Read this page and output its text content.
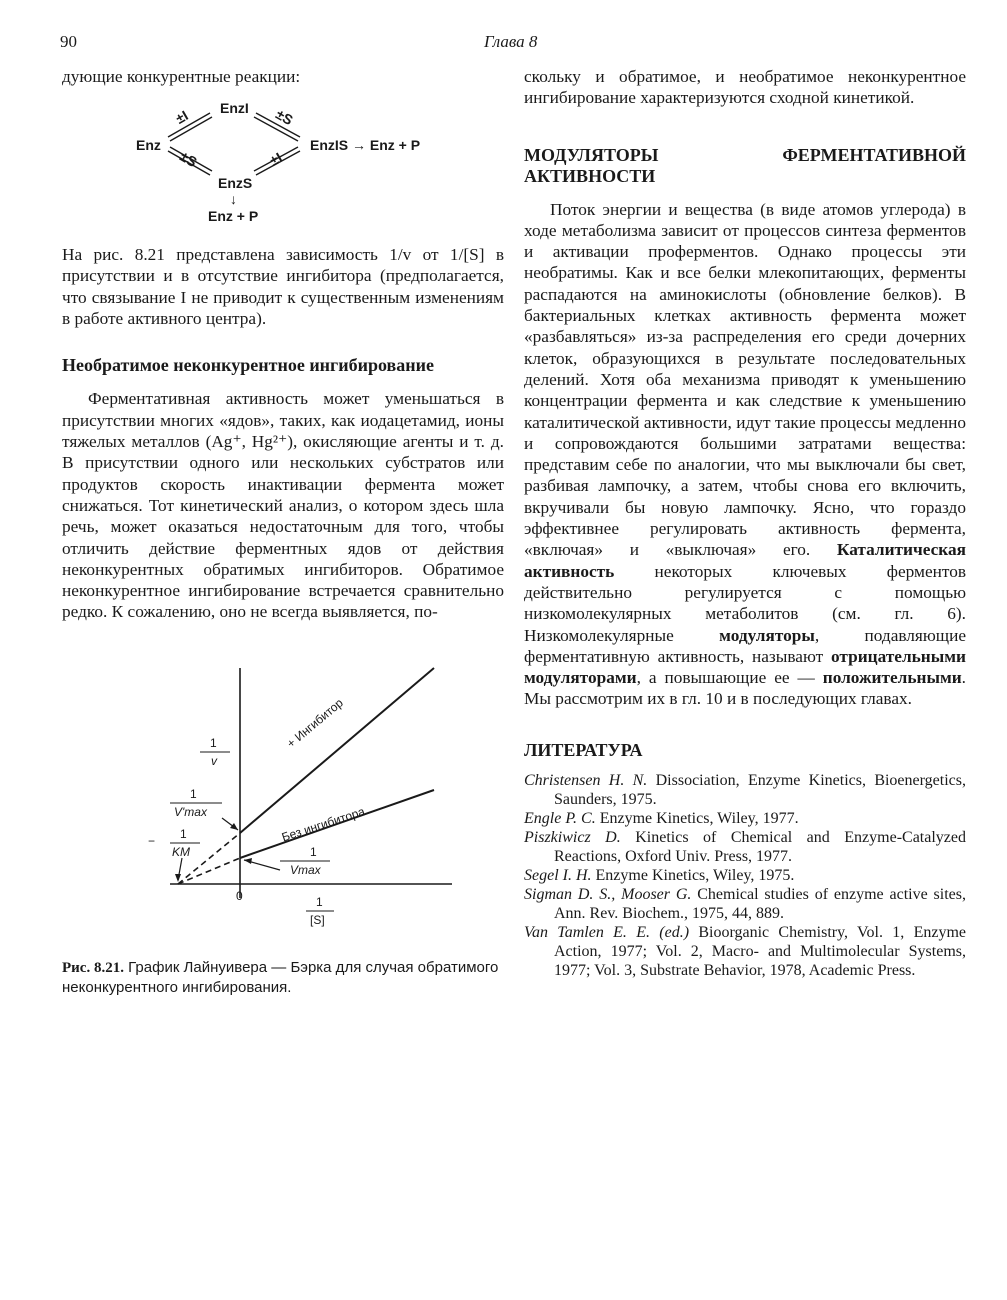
90	Глава 8

дующие конкурентные реакции:

Enz
EnzI
EnzIS → Enz + P
EnzS
↓
Enz + P
±I	±S
±S	±I

На рис. 8.21 представлена зависимость 1/v от 1/[S] в присутствии и в отсутствие ингибитора (предполагается, что связывание I не приводит к существенным изменениям в работе активного центра).

Необратимое неконкурентное ингибирование

Ферментативная активность может уменьшаться в присутствии многих «ядов», таких, как иодацетамид, ионы тяжелых металлов (Ag⁺, Hg²⁺), окисляющие агенты и т. д. В присутствии одного или нескольких субстратов или продуктов скорость инактивации фермента может снижаться. Тот кинетический анализ, о котором здесь шла речь, может оказаться недостаточным для того, чтобы отличить действие ферментных ядов от действия неконкурентных обратимых ингибиторов. Обратимое неконкурентное ингибирование встречается сравнительно редко. К сожалению, оно не всегда выявляется, по-

1
v
1
V'max
− 1
KM	1
Vmax
0	1
[S]
+ Ингибитор
Без ингибитора
Рис. 8.21. График Лайнуивера — Бэрка для случая обратимого неконкурентного ингибирования.

скольку и обратимое, и необратимое неконкурентное ингибирование характеризуются сходной кинетикой.

МОДУЛЯТОРЫ ФЕРМЕНТАТИВНОЙ АКТИВНОСТИ

Поток энергии и вещества (в виде атомов углерода) в ходе метаболизма зависит от процессов синтеза ферментов и активации проферментов. Однако процессы эти необратимы. Как и все белки млекопитающих, ферменты распадаются на аминокислоты (обновление белков). В бактериальных клетках активность фермента может «разбавляться» из-за распределения его среди дочерних клеток, образующихся в результате последовательных делений. Хотя оба механизма приводят к уменьшению концентрации фермента и как следствие к уменьшению каталитической активности, идут такие процессы медленно и сопровождаются большими затратами вещества: представим себе по аналогии, что мы выключали бы свет, разбивая лампочку, а затем, чтобы снова его включить, вкручивали бы новую лампочку. Ясно, что гораздо эффективнее регулировать активность фермента, «включая» и «выключая» его. Каталитическая активность некоторых ключевых ферментов действительно регулируется с помощью низкомолекулярных метаболитов (см. гл. 6). Низкомолекулярные модуляторы, подавляющие ферментативную активность, называют отрицательными модуляторами, а повышающие ее — положительными. Мы рассмотрим их в гл. 10 и в последующих главах.

ЛИТЕРАТУРА

Christensen H. N. Dissociation, Enzyme Kinetics, Bioenergetics, Saunders, 1975.
Engle P. C. Enzyme Kinetics, Wiley, 1977.
Piszkiwicz D. Kinetics of Chemical and Enzyme-Catalyzed Reactions, Oxford Univ. Press, 1977.
Segel I. H. Enzyme Kinetics, Wiley, 1975.
Sigman D. S., Mooser G. Chemical studies of enzyme active sites, Ann. Rev. Biochem., 1975, 44, 889.
Van Tamlen E. E. (ed.) Bioorganic Chemistry, Vol. 1, Enzyme Action, 1977; Vol. 2, Macro- and Multimolecular Systems, 1977; Vol. 3, Substrate Behavior, 1978, Academic Press.
